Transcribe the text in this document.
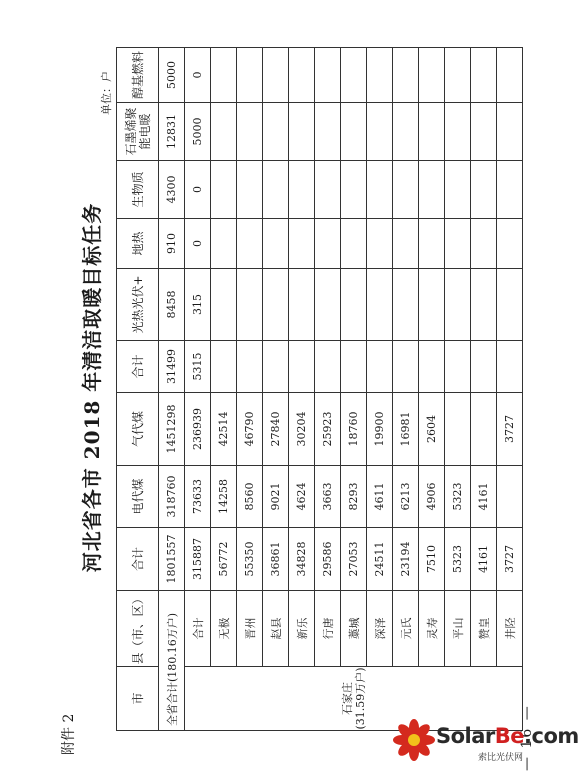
附件 2
河北省各市 2018 年清洁取暖目标任务
单位：户
市	县（市、区）	合计	电代煤	气代煤	合计	光热光伏+	地热	生物质	石墨烯聚能电暖	醇基燃料
全省合计(180.16万户)		1801557	318760	1451298	31499	8458	910	4300	12831	5000

石家庄 (31.59万户)	合计	315887	73633	236939	5315	315	0	0	5000	0
	无极	56772	14258	42514						
	晋州	55350	8560	46790						
	赵县	36861	9021	27840						
	新乐	34828	4624	30204						
	行唐	29586	3663	25923						
	藁城	27053	8293	18760						
	深泽	24511	4611	19900						
	元氏	23194	6213	16981						
	灵寿	7510	4906	2604						
	平山	5323	5323							
	赞皇	4161	4161							
	井陉	3727		3727						
— 16 —
SolarBe.com
索比光伏网
